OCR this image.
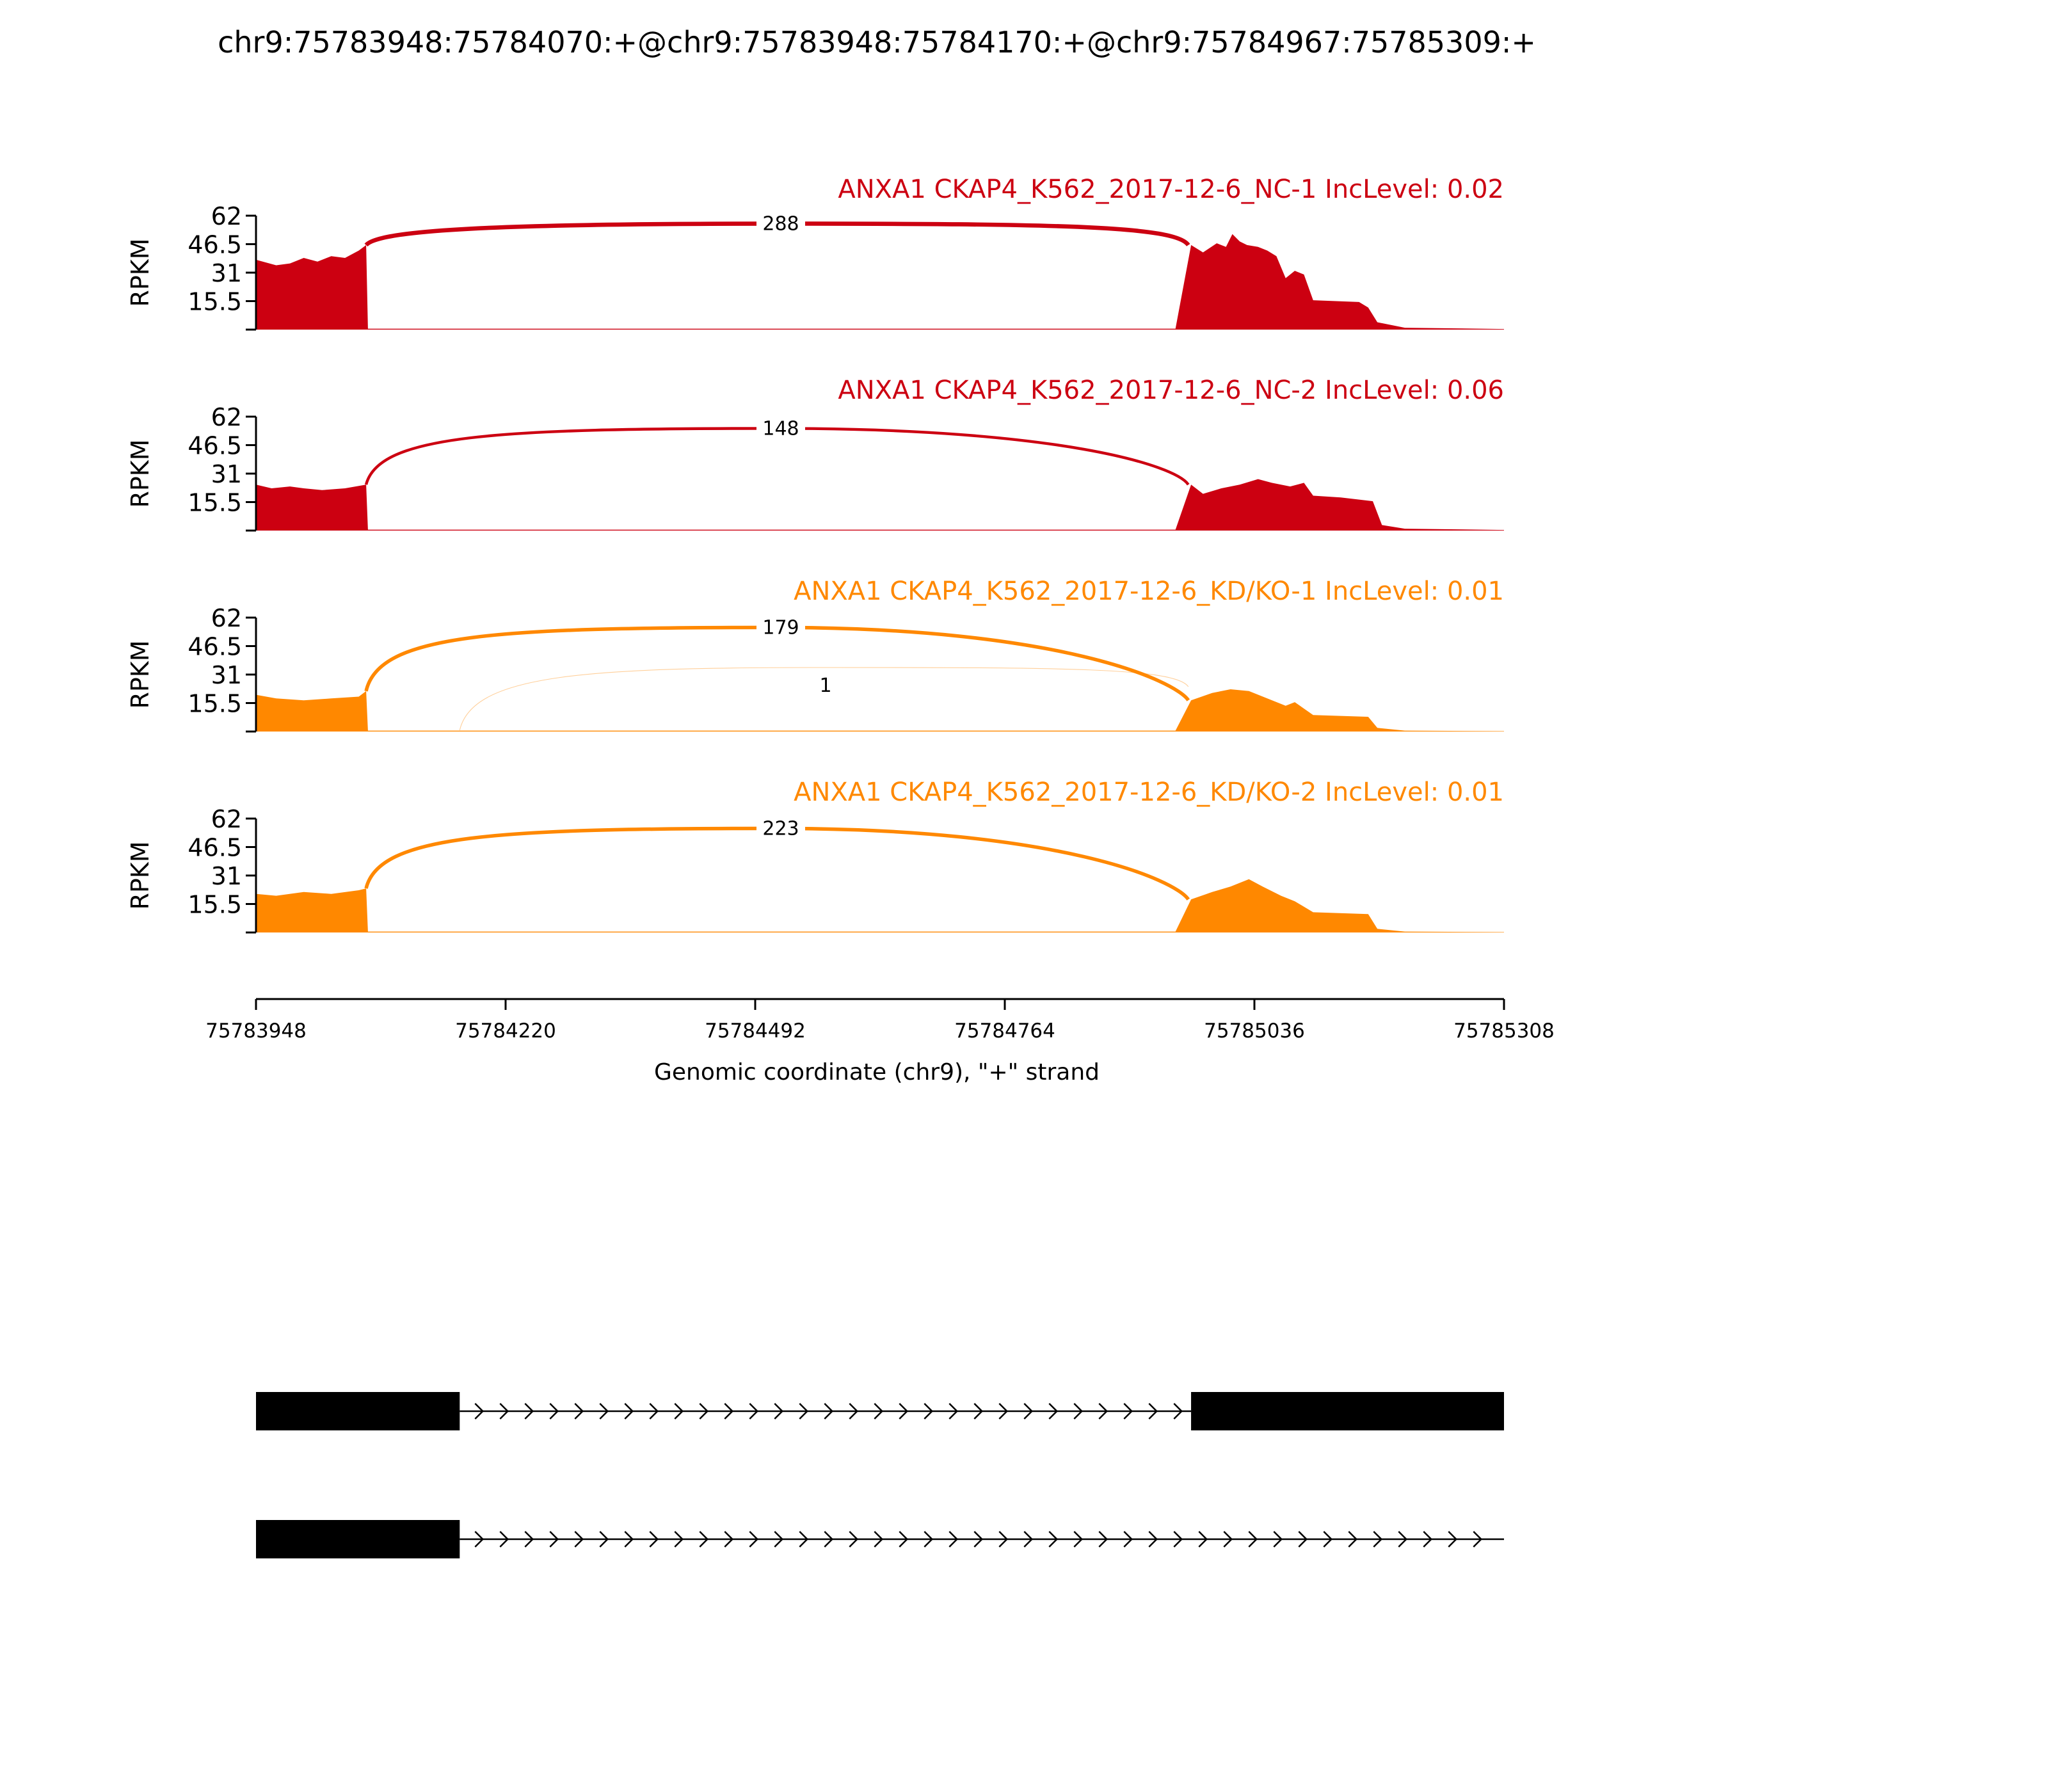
chr9:75783948:75784070:+@chr9:75783948:75784170:+@chr9:75784967:75785309:+
15.5
31
46.5
62
RPKM
288
ANXA1 CKAP4_K562_2017-12-6_NC-1 IncLevel: 0.02
15.5
31
46.5
62
RPKM
148
ANXA1 CKAP4_K562_2017-12-6_NC-2 IncLevel: 0.06
15.5
31
46.5
62
RPKM
179
1
ANXA1 CKAP4_K562_2017-12-6_KD/KO-1 IncLevel: 0.01
15.5
31
46.5
62
RPKM
223
ANXA1 CKAP4_K562_2017-12-6_KD/KO-2 IncLevel: 0.01
75783948	75784220	75784492	75784764	75785036	75785308
Genomic coordinate (chr9), "+" strand
